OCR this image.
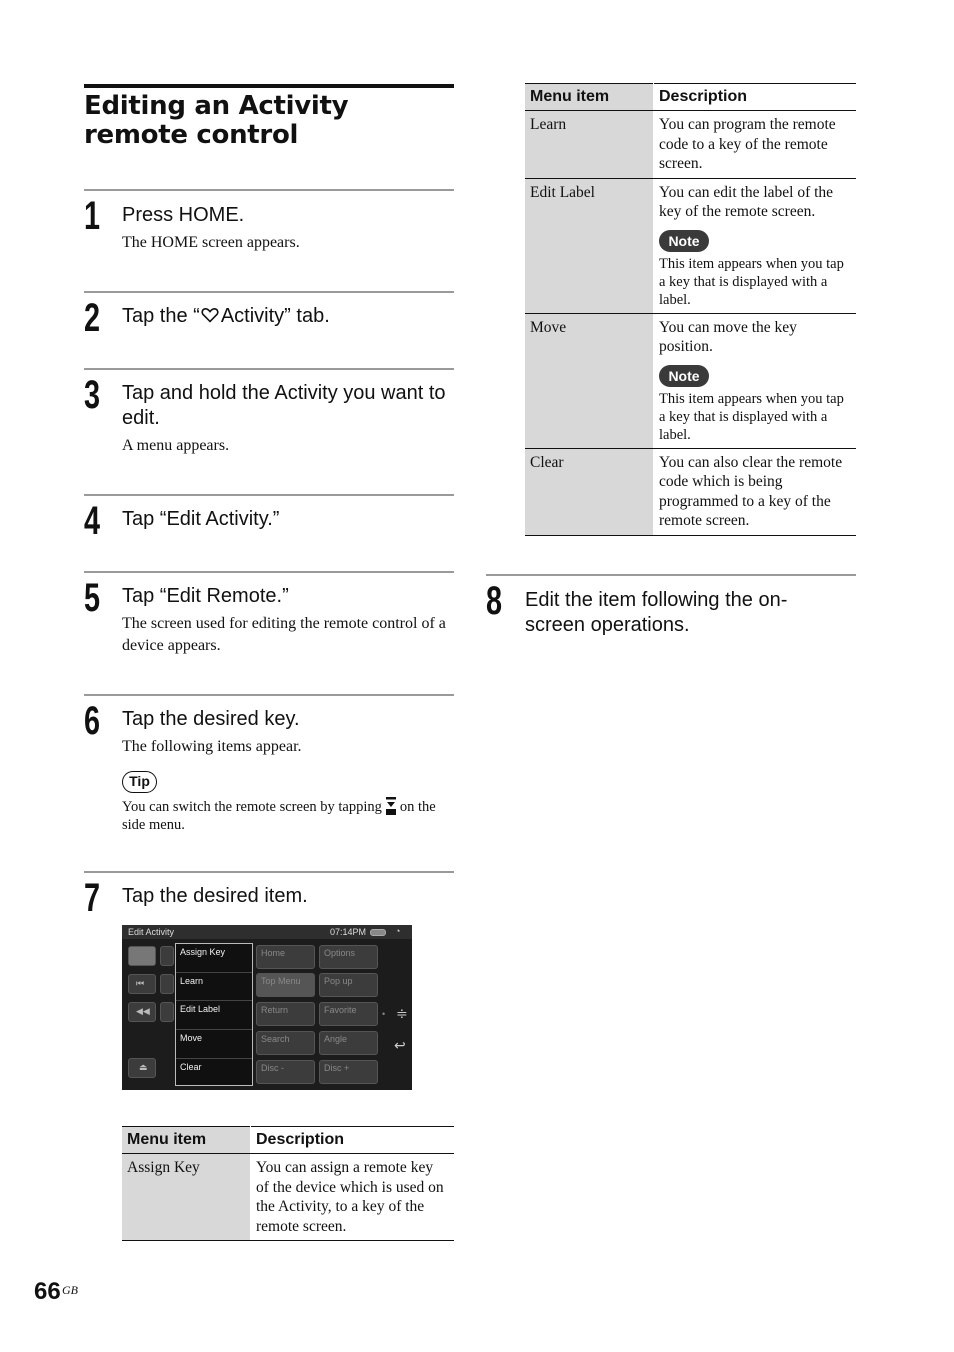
Editing an Activity remote control
1 Press HOME.
The HOME screen appears.
2 Tap the “ Activity” tab.
3 Tap and hold the Activity you want to edit.
A menu appears.
4 Tap “Edit Activity.”
5 Tap “Edit Remote.”
The screen used for editing the remote control of a device appears.
6 Tap the desired key.
The following items appear.
Tip
You can switch the remote screen by tapping on the side menu.
7 Tap the desired item.
Edit Activity	07:14PM	◔
⏮
◀◀
⏏
Assign Key
Learn
Edit Label
Move
Clear
Home	Options
Top Menu	Pop up
Return	Favorite
Search	Angle
Disc -	Disc +
• ≑
↩
Menu item	Description
Assign Key	You can assign a remote key of the device which is used on the Activity, to a key of the remote screen.
Menu item	Description
Learn	You can program the remote code to a key of the remote screen.
Edit Label	You can edit the label of the key of the remote screen.
Note
This item appears when you tap a key that is displayed with a label.

Move	You can move the key position.
Note
This item appears when you tap a key that is displayed with a label.

Clear	You can also clear the remote code which is being programmed to a key of the remote screen.
8 Edit the item following the on-screen operations.
66 GB
